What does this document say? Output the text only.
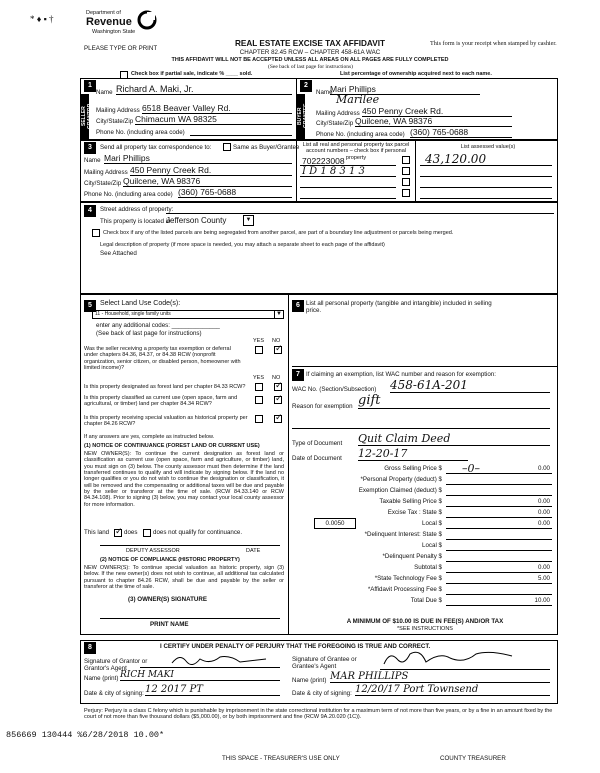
* ♦ ▪ †
Department of
Revenue
Washington State
PLEASE TYPE OR PRINT
REAL ESTATE EXCISE TAX AFFIDAVIT
CHAPTER 82.45 RCW – CHAPTER 458-61A WAC
THIS AFFIDAVIT WILL NOT BE ACCEPTED UNLESS ALL AREAS ON ALL PAGES ARE FULLY COMPLETED
This form is your receipt when stamped by cashier.
(See back of last page for instructions)
Check box if partial sale, indicate % ____ sold.	List percentage of ownership acquired next to each name.
1
SELLER GRANTOR
Name Richard A. Maki, Jr.
Mailing Address 6518 Beaver Valley Rd.
City/State/Zip Chimacum WA 98325
Phone No. (including area code)
2
BUYER GRANTEE
Name
Mari Phillips
Marilee
Mailing Address 450 Penny Creek Rd.
City/State/Zip Quilcene, WA 98376
Phone No. (including area code) (360) 765-0688
3	Send all property tax correspondence to:	Same as Buyer/Grantee
Name Mari Phillips
Mailing Address 450 Penny Creek Rd.
City/State/Zip Quilcene, WA 98376
Phone No. (including area code) (360) 765-0688
List all real and personal property tax parcel account numbers – check box if personal property
List assessed value(s)
702223008
I D 1 8 3 1 3
43,120.00
4	Street address of property:
This property is located in
Jefferson County	▼
Check box if any of the listed parcels are being segregated from another parcel, are part of a boundary line adjustment or parcels being merged.
Legal description of property (if more space is needed, you may attach a separate sheet to each page of the affidavit)
See Attached
5	Select Land Use Code(s):
11 - Household, single family units	▼
enter any additional codes: ______________
(See back of last page for instructions)
YES NO
Was the seller receiving a property tax exemption or deferral under chapters 84.36, 84.37, or 84.38 RCW (nonprofit organization, senior citizen, or disabled person, homeowner with limited income)?
✓
YES NO
Is this property designated as forest land per chapter 84.33 RCW?
✓
Is this property classified as current use (open space, farm and agricultural, or timber) land per chapter 84.34 RCW?
✓
Is this property receiving special valuation as historical property per chapter 84.26 RCW?
✓
If any answers are yes, complete as instructed below.
(1) NOTICE OF CONTINUANCE (FOREST LAND OR CURRENT USE)
NEW OWNER(S): To continue the current designation as forest land or classification as current use (open space, farm and agriculture, or timber) land, you must sign on (3) below. The county assessor must then determine if the land transferred continues to qualify and will indicate by signing below. If the land no longer qualifies or you do not wish to continue the designation or classification, it will be removed and the compensating or additional taxes will be due and payable by the seller or transferor at the time of sale. (RCW 84.33.140 or RCW 84.34.108). Prior to signing (3) below, you may contact your local county assessor for more information.
This land
✓ does	does not qualify for continuance.
DEPUTY ASSESSOR	DATE
(2) NOTICE OF COMPLIANCE (HISTORIC PROPERTY)
NEW OWNER(S): To continue special valuation as historic property, sign (3) below. If the new owner(s) does not wish to continue, all additional tax calculated pursuant to chapter 84.26 RCW, shall be due and payable by the seller or transferor at the time of sale.
(3) OWNER(S) SIGNATURE
PRINT NAME
6 List all personal property (tangible and intangible) included in selling price.
7 If claiming an exemption, list WAC number and reason for exemption:
WAC No. (Section/Subsection) 458-61A-201
Reason for exemption gift
Type of Document Quit Claim Deed
Date of Document 12-20-17
Gross Selling Price $ –0–	0.00
*Personal Property (deduct) $
Exemption Claimed (deduct) $
Taxable Selling Price $	0.00
Excise Tax : State $	0.00
Local $	0.00
*Delinquent Interest: State $
Local $
*Delinquent Penalty $
Subtotal $	0.00
*State Technology Fee $	5.00
*Affidavit Processing Fee $
Total Due $	10.00
0.0050
A MINIMUM OF $10.00 IS DUE IN FEE(S) AND/OR TAX
*SEE INSTRUCTIONS
8	I CERTIFY UNDER PENALTY OF PERJURY THAT THE FOREGOING IS TRUE AND CORRECT.
Signature of Grantor or Grantor's Agent
Name (print) RICH MAKI
Date & city of signing: 12 2017 PT
Signature of Grantee or Grantee's Agent
Name (print) MAR PHILLIPS
Date & city of signing: 12/20/17 Port Townsend
Perjury: Perjury is a class C felony which is punishable by imprisonment in the state correctional institution for a maximum term of not more than five years, or by a fine in an amount fixed by the court of not more than five thousand dollars ($5,000.00), or by both imprisonment and fine (RCW 9A.20.020 (1C)).
856669 130444 %6/28/2018 10.00*
THIS SPACE - TREASURER'S USE ONLY	COUNTY TREASURER
